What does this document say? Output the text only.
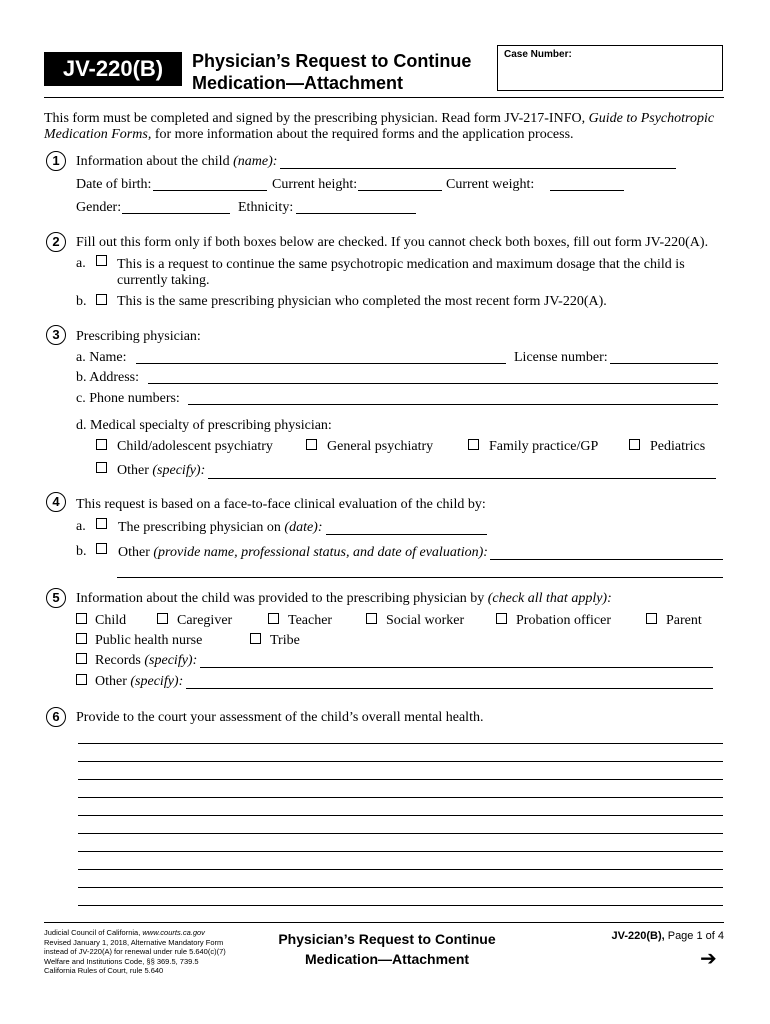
JV-220(B)	Physician’s Request to Continue
Medication—Attachment
Case Number:
This form must be completed and signed by the prescribing physician. Read form JV-217-INFO, Guide to Psychotropic
Medication Forms, for more information about the required forms and the application process.
1	Information about the child (name):
Date of birth:	Current height:	Current weight:
Gender:	Ethnicity:
2	Fill out this form only if both boxes below are checked. If you cannot check both boxes, fill out form JV-220(A).
a. This is a request to continue the same psychotropic medication and maximum dosage that the child is
currently taking.
b. This is the same prescribing physician who completed the most recent form JV-220(A).
3	Prescribing physician:
a. Name:	License number:
b. Address:
c. Phone numbers:
d. Medical specialty of prescribing physician:
Child/adolescent psychiatry	General psychiatry	Family practice/GP	Pediatrics
Other (specify):
4	This request is based on a face-to-face clinical evaluation of the child by:
a. The prescribing physician on (date):
b. Other (provide name, professional status, and date of evaluation):
5	Information about the child was provided to the prescribing physician by (check all that apply):
Child	Caregiver	Teacher	Social worker	Probation officer	Parent
Public health nurse	Tribe
Records (specify):
Other (specify):
6	Provide to the court your assessment of the child’s overall mental health.
Judicial Council of California, www.courts.ca.gov
Revised January 1, 2018, Alternative Mandatory Form
instead of JV-220(A) for renewal under rule 5.640(c)(7)
Welfare and Institutions Code, §§ 369.5, 739.5
California Rules of Court, rule 5.640
Physician’s Request to Continue
Medication—Attachment
JV-220(B), Page 1 of 4
➔
